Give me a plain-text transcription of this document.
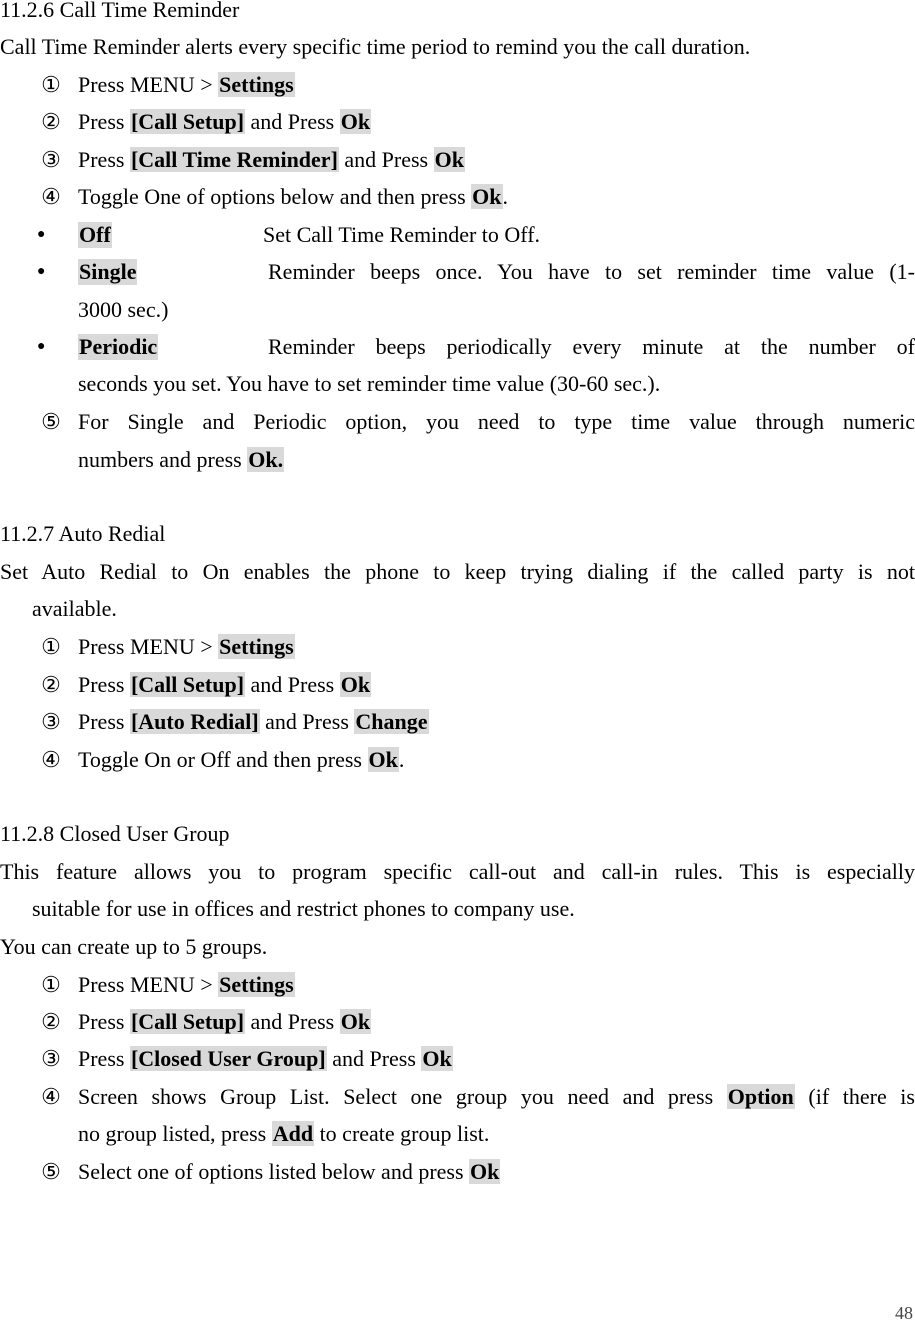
11.2.6 Call Time Reminder
Call Time Reminder alerts every specific time period to remind you the call duration.
① Press MENU > Settings
② Press [Call Setup] and Press Ok
③ Press [Call Time Reminder] and Press Ok
④ Toggle One of options below and then press Ok.
● Off	Set Call Time Reminder to Off.
● Single	Reminder beeps once. You have to set reminder time value (1-
3000 sec.)
● Periodic	Reminder beeps periodically every minute at the number of
seconds you set. You have to set reminder time value (30-60 sec.).
⑤ For Single and Periodic option, you need to type time value through numeric
numbers and press Ok.
11.2.7 Auto Redial
Set Auto Redial to On enables the phone to keep trying dialing if the called party is not
available.
① Press MENU > Settings
② Press [Call Setup] and Press Ok
③ Press [Auto Redial] and Press Change
④ Toggle On or Off and then press Ok.
11.2.8 Closed User Group
This feature allows you to program specific call-out and call-in rules. This is especially
suitable for use in offices and restrict phones to company use.
You can create up to 5 groups.
① Press MENU > Settings
② Press [Call Setup] and Press Ok
③ Press [Closed User Group] and Press Ok
④ Screen shows Group List. Select one group you need and press Option (if there is
no group listed, press Add to create group list.
⑤ Select one of options listed below and press Ok
48
